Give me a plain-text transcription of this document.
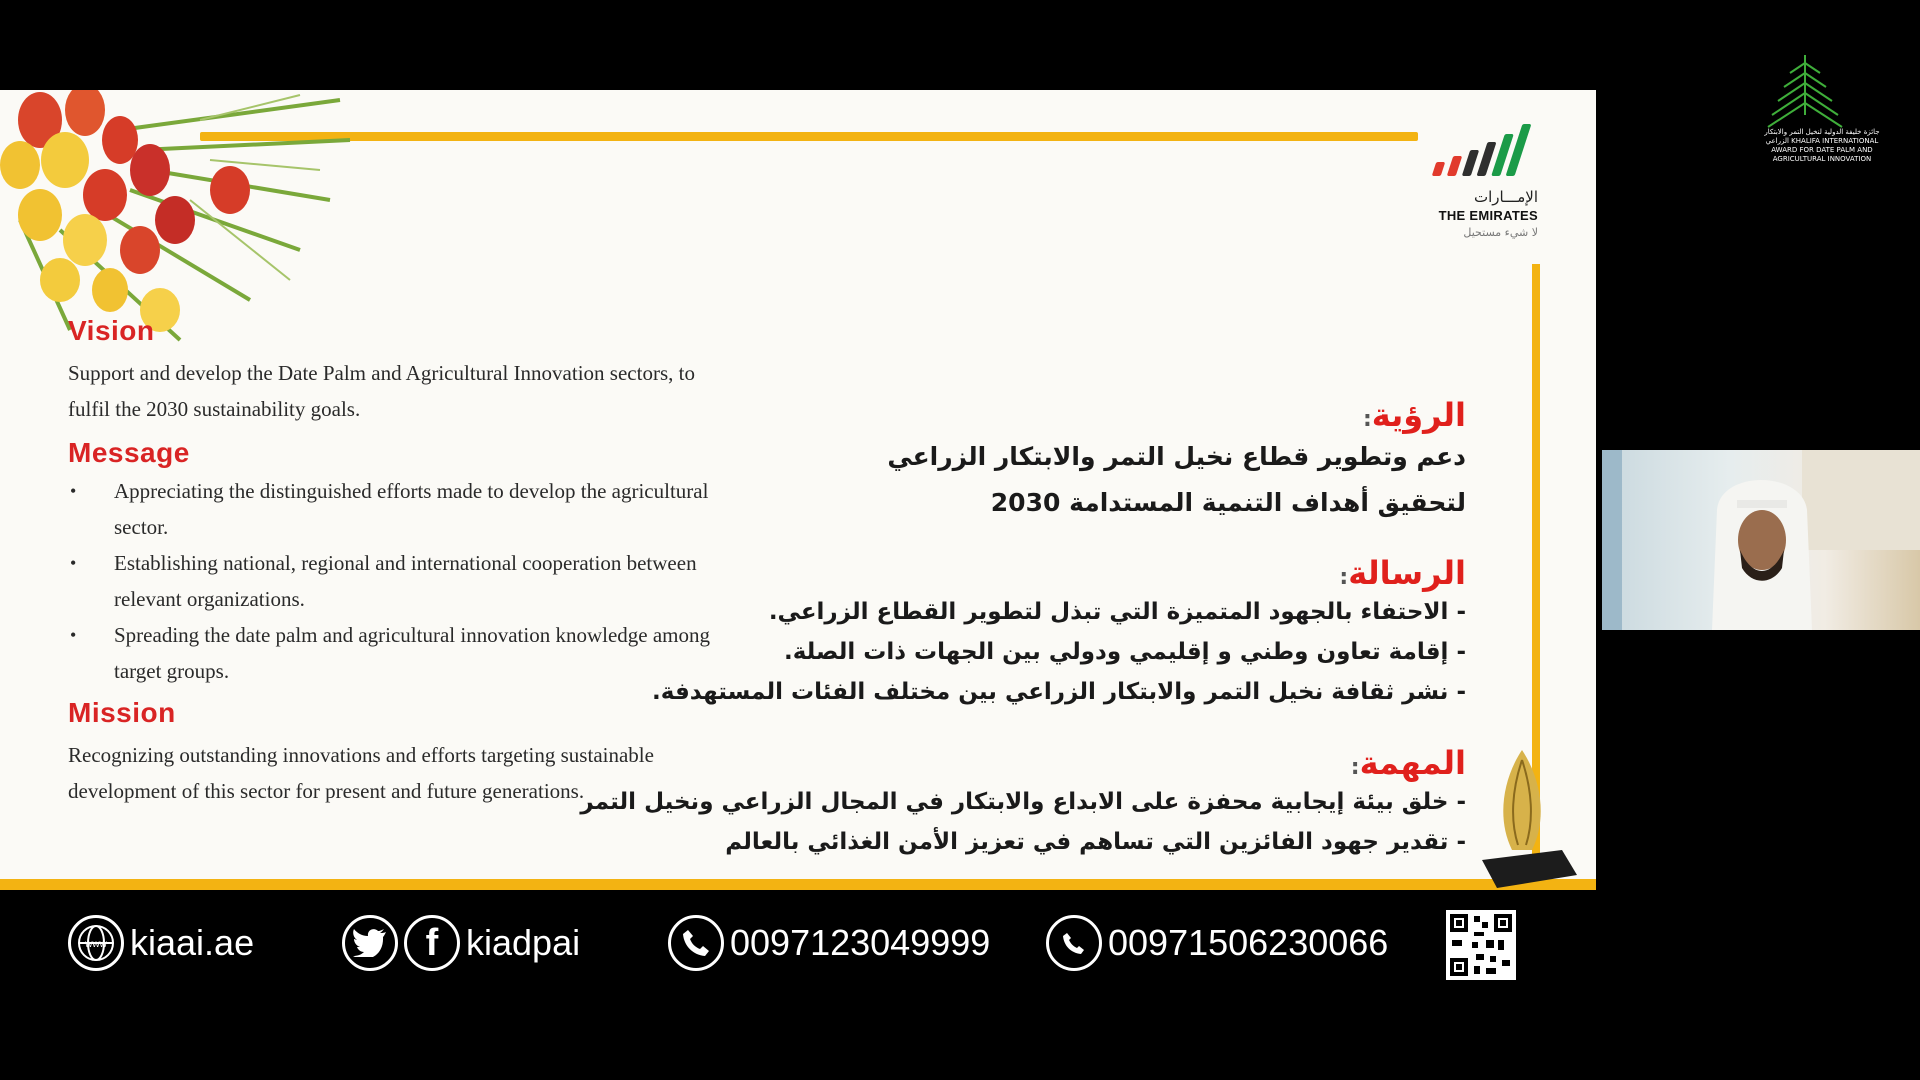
الإمـــارات
THE EMIRATES
لا شيء مستحيل
Vision

Support and develop the Date Palm and Agricultural Innovation sectors, to fulfil the 2030 sustainability goals.

Message
• Appreciating the distinguished efforts made to develop the agricultural sector.
• Establishing national, regional and international cooperation between relevant organizations.
• Spreading the date palm and agricultural innovation knowledge among target groups.
Mission

Recognizing outstanding innovations and efforts targeting sustainable development of this sector for present and future generations.

الرؤية:

دعم وتطوير قطاع نخيل التمر والابتكار الزراعي

لتحقيق أهداف التنمية المستدامة 2030

الرسالة:

- الاحتفاء بالجهود المتميزة التي تبذل لتطوير القطاع الزراعي.

- إقامة تعاون وطني و إقليمي ودولي بين الجهات ذات الصلة.

- نشر ثقافة نخيل التمر والابتكار الزراعي بين مختلف الفئات المستهدفة.

المهمة:

- خلق بيئة إيجابية محفزة على الابداع والابتكار في المجال الزراعي ونخيل التمر

- تقدير جهود الفائزين التي تساهم في تعزيز الأمن الغذائي بالعالم

www kiaai.ae	f kiadpai	0097123049999	00971506230066
جائزة خليفة الدولية لنخيل التمر والابتكار الزراعي KHALIFA INTERNATIONAL AWARD FOR DATE PALM AND AGRICULTURAL INNOVATION
